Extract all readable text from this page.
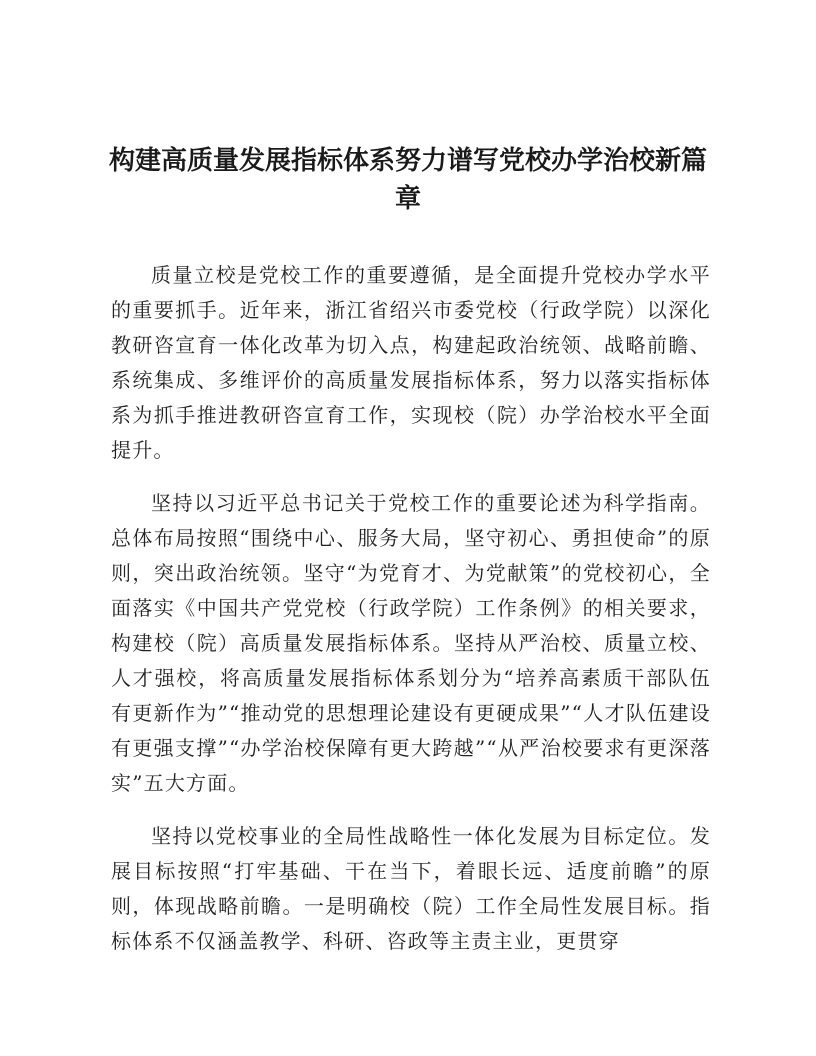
构建高质量发展指标体系努力谱写党校办学治校新篇章

质量立校是党校工作的重要遵循，是全面提升党校办学水平的重要抓手。近年来，浙江省绍兴市委党校（行政学院）以深化教研咨宣育一体化改革为切入点，构建起政治统领、战略前瞻、系统集成、多维评价的高质量发展指标体系，努力以落实指标体系为抓手推进教研咨宣育工作，实现校（院）办学治校水平全面提升。

坚持以习近平总书记关于党校工作的重要论述为科学指南。总体布局按照“围绕中心、服务大局，坚守初心、勇担使命”的原则，突出政治统领。坚守“为党育才、为党献策”的党校初心，全面落实《中国共产党党校（行政学院）工作条例》的相关要求，构建校（院）高质量发展指标体系。坚持从严治校、质量立校、人才强校，将高质量发展指标体系划分为“培养高素质干部队伍有更新作为”“推动党的思想理论建设有更硬成果”“人才队伍建设有更强支撑”“办学治校保障有更大跨越”“从严治校要求有更深落实”五大方面。

坚持以党校事业的全局性战略性一体化发展为目标定位。发展目标按照“打牢基础、干在当下，着眼长远、适度前瞻”的原则，体现战略前瞻。一是明确校（院）工作全局性发展目标。指标体系不仅涵盖教学、科研、咨政等主责主业，更贯穿
